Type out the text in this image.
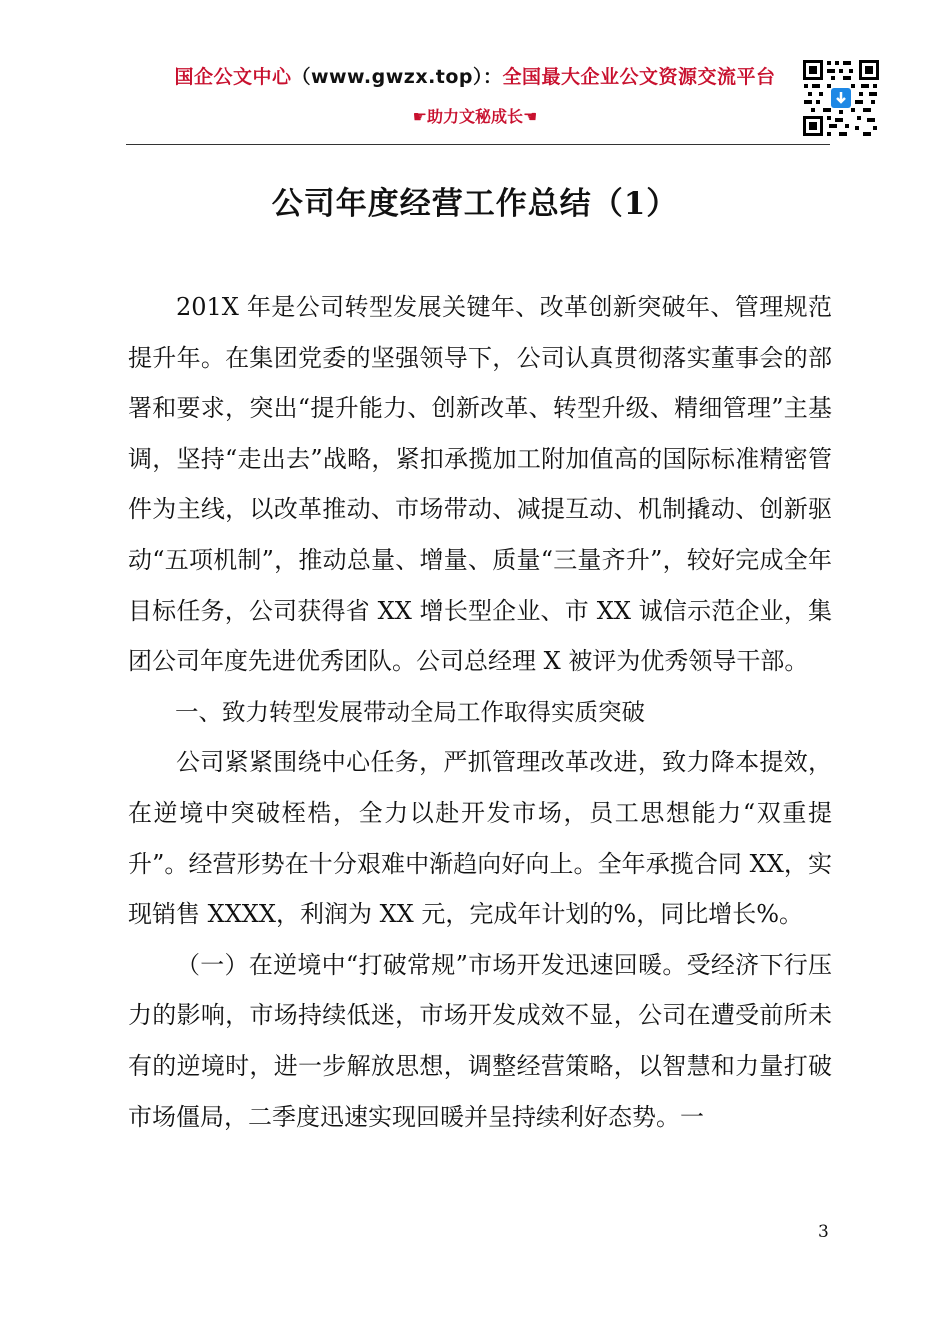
国企公文中心（www.gwzx.top）：全国最大企业公文资源交流平台
☛助力文秘成长☚
公司年度经营工作总结（1）

201X 年是公司转型发展关键年、改革创新突破年、管理规范提升年。在集团党委的坚强领导下，公司认真贯彻落实董事会的部署和要求，突出“提升能力、创新改革、转型升级、精细管理”主基调，坚持“走出去”战略，紧扣承揽加工附加值高的国际标准精密管件为主线，以改革推动、市场带动、减提互动、机制撬动、创新驱动“五项机制”，推动总量、增量、质量“三量齐升”，较好完成全年目标任务，公司获得省 XX 增长型企业、市 XX 诚信示范企业，集团公司年度先进优秀团队。公司总经理 X 被评为优秀领导干部。

一、致力转型发展带动全局工作取得实质突破

公司紧紧围绕中心任务，严抓管理改革改进，致力降本提效，在逆境中突破桎梏，全力以赴开发市场，员工思想能力“双重提升”。经营形势在十分艰难中渐趋向好向上。全年承揽合同 XX，实现销售 XXXX，利润为 XX 元，完成年计划的%，同比增长%。

（一）在逆境中“打破常规”市场开发迅速回暖。受经济下行压力的影响，市场持续低迷，市场开发成效不显，公司在遭受前所未有的逆境时，进一步解放思想，调整经营策略，以智慧和力量打破市场僵局，二季度迅速实现回暖并呈持续利好态势。一

3
